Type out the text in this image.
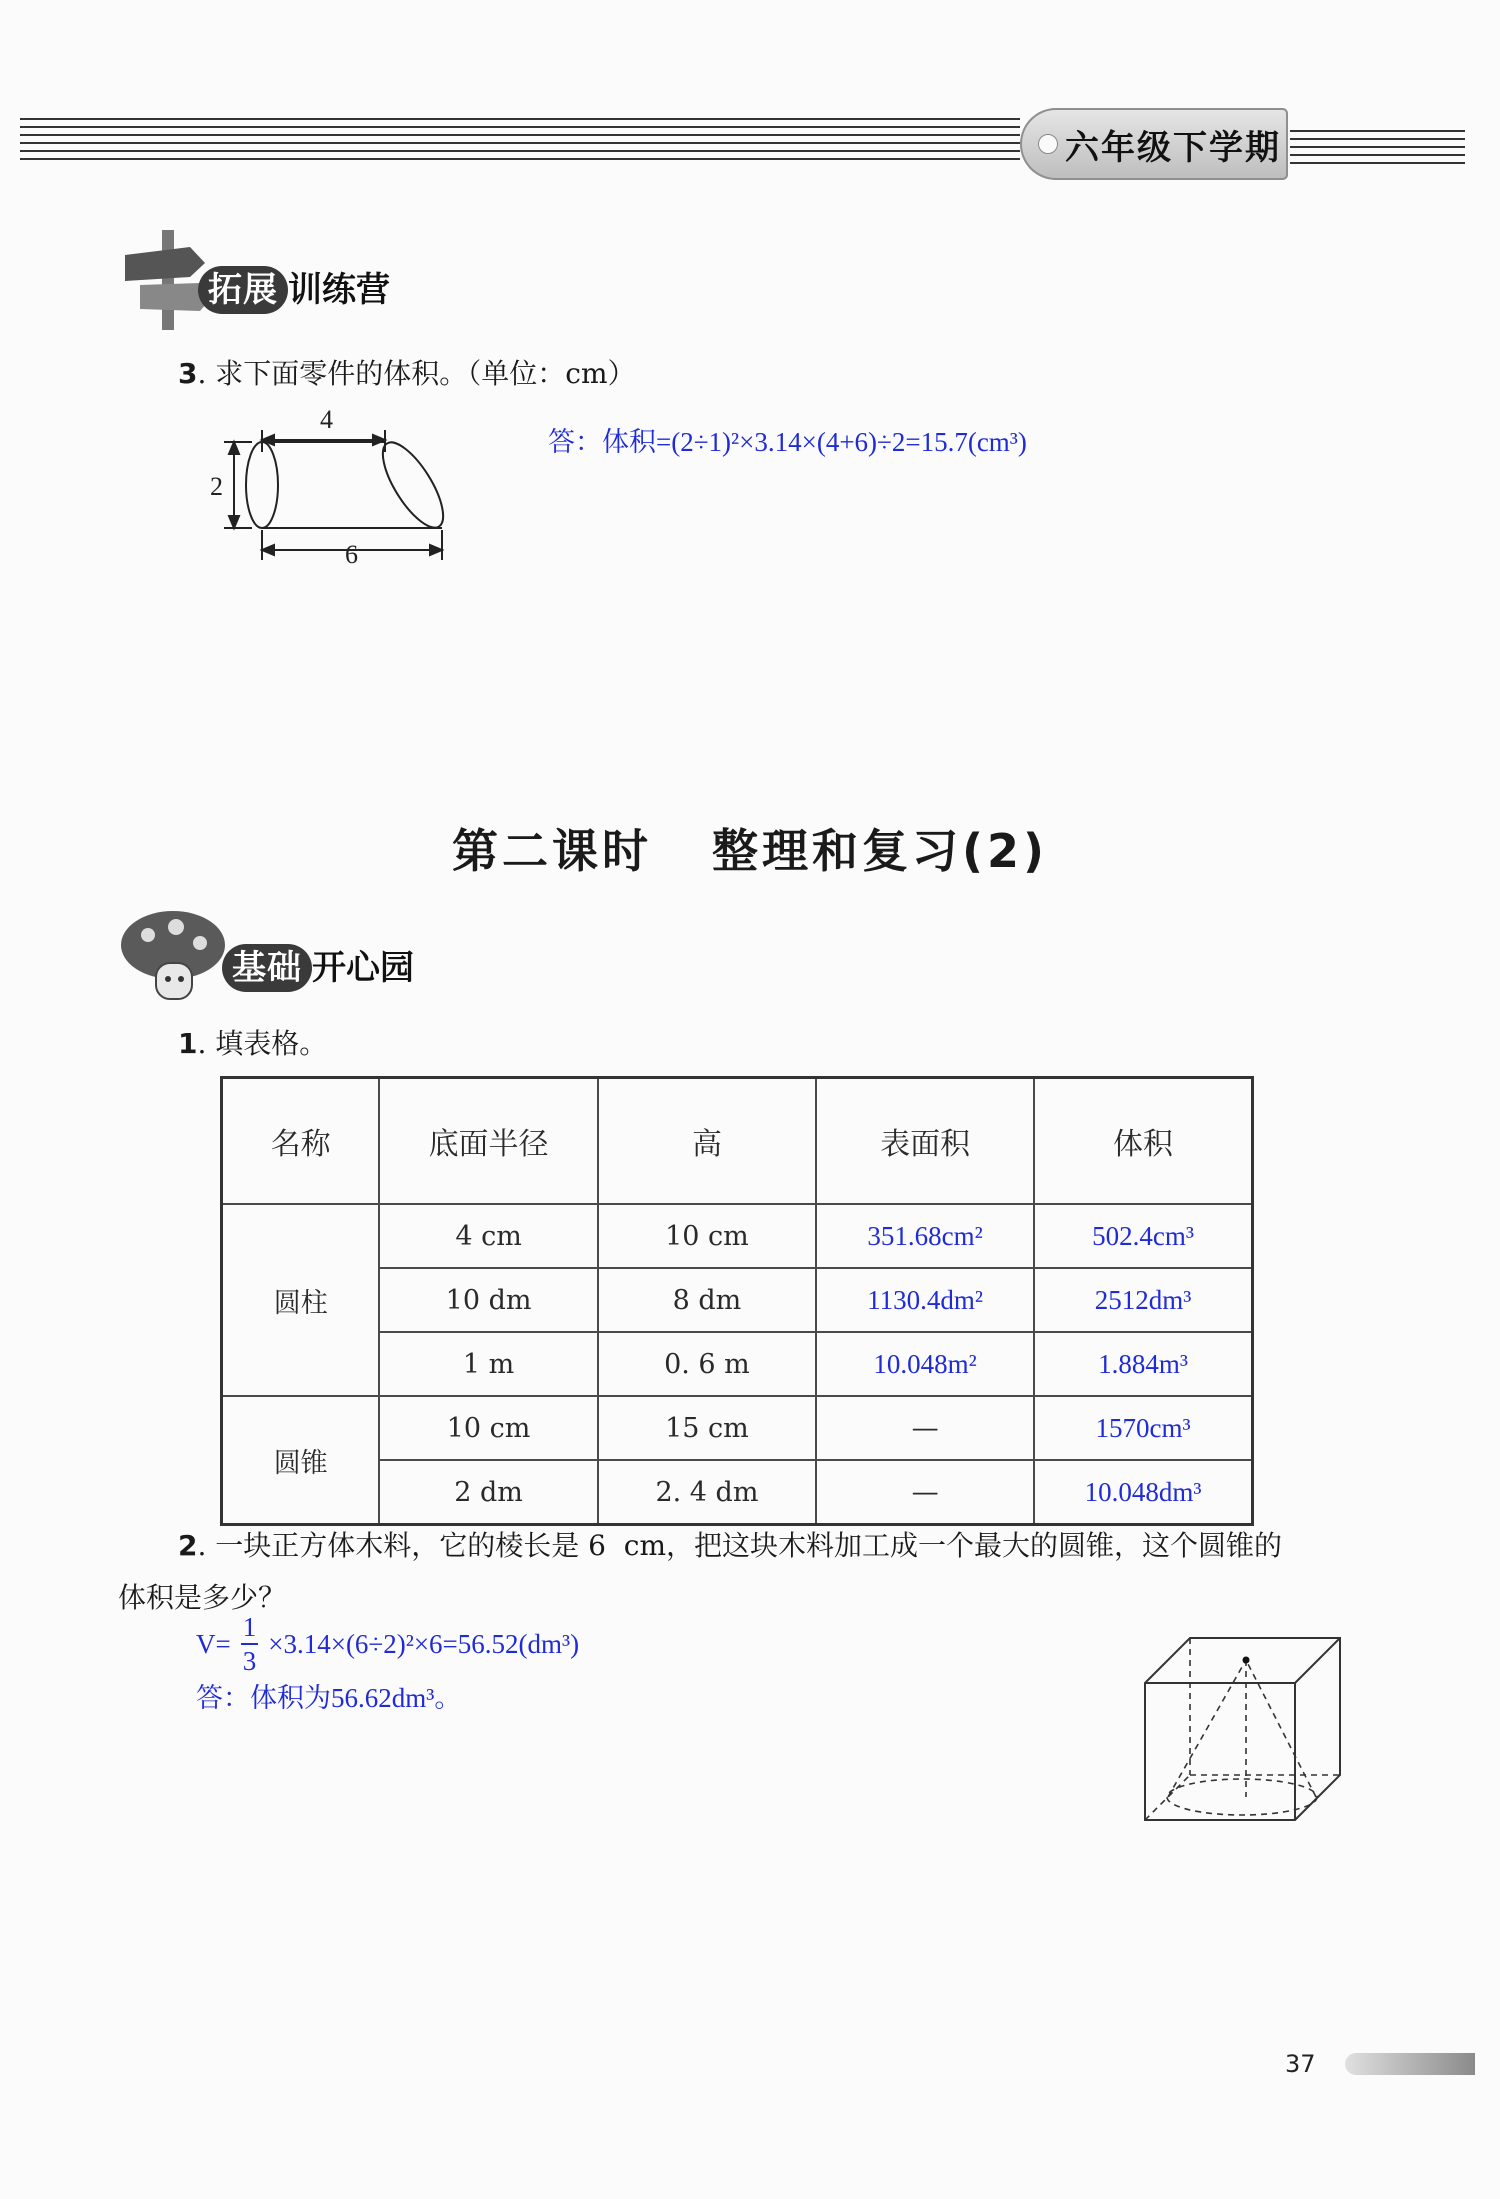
六年级下学期
拓展 训练营
3. 求下面零件的体积。（单位：cm）
4
2
6
答：体积=(2÷1)²×3.14×(4+6)÷2=15.7(cm³)
第二课时   整理和复习(2)
基础 开心园
1. 填表格。
名称	底面半径	高	表面积	体积
圆柱	4 cm	10 cm	351.68cm²	502.4cm³
	10 dm	8 dm	1130.4dm²	2512dm³
	1 m	0. 6 m	10.048m²	1.884m³
圆锥	10 cm	15 cm	—	1570cm³
	2 dm	2. 4 dm	—	10.048dm³
2. 一块正方体木料，它的棱长是 6  cm，把这块木料加工成一个最大的圆锥，这个圆锥的
体积是多少？
$V= \frac{1}{3} \times 3.14\times(6\div 2)^2\times 6=56.52(dm^3)$
答：体积为56.62dm³。
37
